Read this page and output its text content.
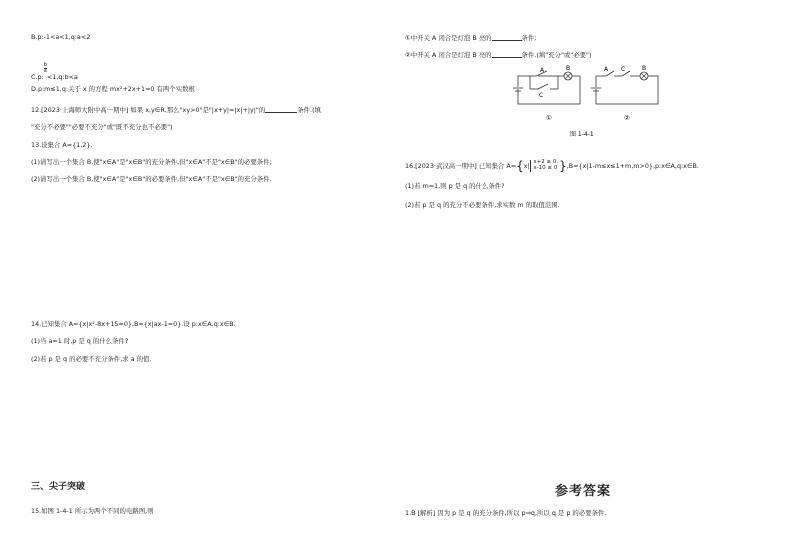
B.p:-1<a<1,q:a<2
C.p:
$\frac{b}{a}$
<1,q:b<a
D.p:m≤1,q:关于 x 的方程 mx²+2x+1=0 有两个实数根
12.[2023·上海师大附中高一期中] 如果 x,y∈R,那么"xy>0"是"|x+y|=|x|+|y|"的	条件.(填
"充分不必要""必要不充分"或"既不充分也不必要")
13.设集合 A={1,2}.
(1)请写出一个集合 B,使"x∈A"是"x∈B"的充分条件,但"x∈A"不是"x∈B"的必要条件;
(2)请写出一个集合 B,使"x∈A"是"x∈B"的必要条件,但"x∈A"不是"x∈B"的充分条件.
14.已知集合 A={x|x²-8x+15=0},B={x|ax-1=0}.设 p:x∈A,q:x∈B.
(1)当 a=1 时,p 是 q 的什么条件?
(2)若 p 是 q 的必要不充分条件,求 a 的值.
三、尖子突破
15.如图 1-4-1 所示为两个不同的电路图,则
①中开关 A 闭合是灯泡 B 亮的	条件;
②中开关 A 闭合是灯泡 B 亮的	条件.(填"充分"或"必要")
A
C
B	A C	B
①	②
图 1-4-1
16.[2023·武汉高一期中] 已知集合 A={x|
x+2 ≥ 0,
x-10 ≤ 0 },B={x|1-m≤x≤1+m,m>0},p:x∈A,q:x∈B.
(1)若 m=1,则 p 是 q 的什么条件?
(2)若 p 是 q 的充分不必要条件,求实数 m 的取值范围.
参考答案
1.B [解析] 因为 p 是 q 的充分条件,所以 p⇒q,所以 q 是 p 的必要条件.
